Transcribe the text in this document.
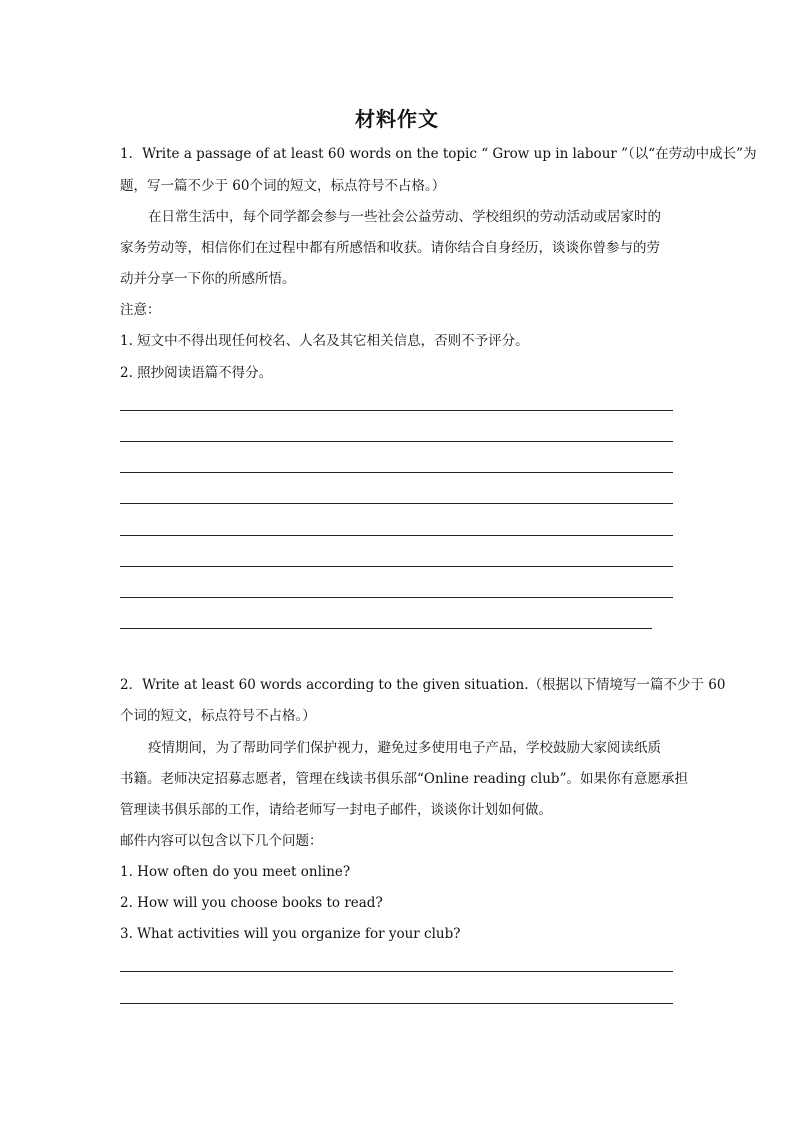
材料作文
1．Write a passage of at least 60 words on the topic “ Grow up in labour ”（以“在劳动中成长”为
题，写一篇不少于 60个词的短文，标点符号不占格。）
在日常生活中，每个同学都会参与一些社会公益劳动、学校组织的劳动活动或居家时的
家务劳动等，相信你们在过程中都有所感悟和收获。请你结合自身经历，谈谈你曾参与的劳
动并分享一下你的所感所悟。
注意：
1. 短文中不得出现任何校名、人名及其它相关信息，否则不予评分。
2. 照抄阅读语篇不得分。
2．Write at least 60 words according to the given situation.（根据以下情境写一篇不少于 60
个词的短文，标点符号不占格。）
疫情期间，为了帮助同学们保护视力，避免过多使用电子产品，学校鼓励大家阅读纸质
书籍。老师决定招募志愿者，管理在线读书俱乐部“Online reading club”。如果你有意愿承担
管理读书俱乐部的工作，请给老师写一封电子邮件，谈谈你计划如何做。
邮件内容可以包含以下几个问题：
1. How often do you meet online?
2. How will you choose books to read?
3. What activities will you organize for your club?
